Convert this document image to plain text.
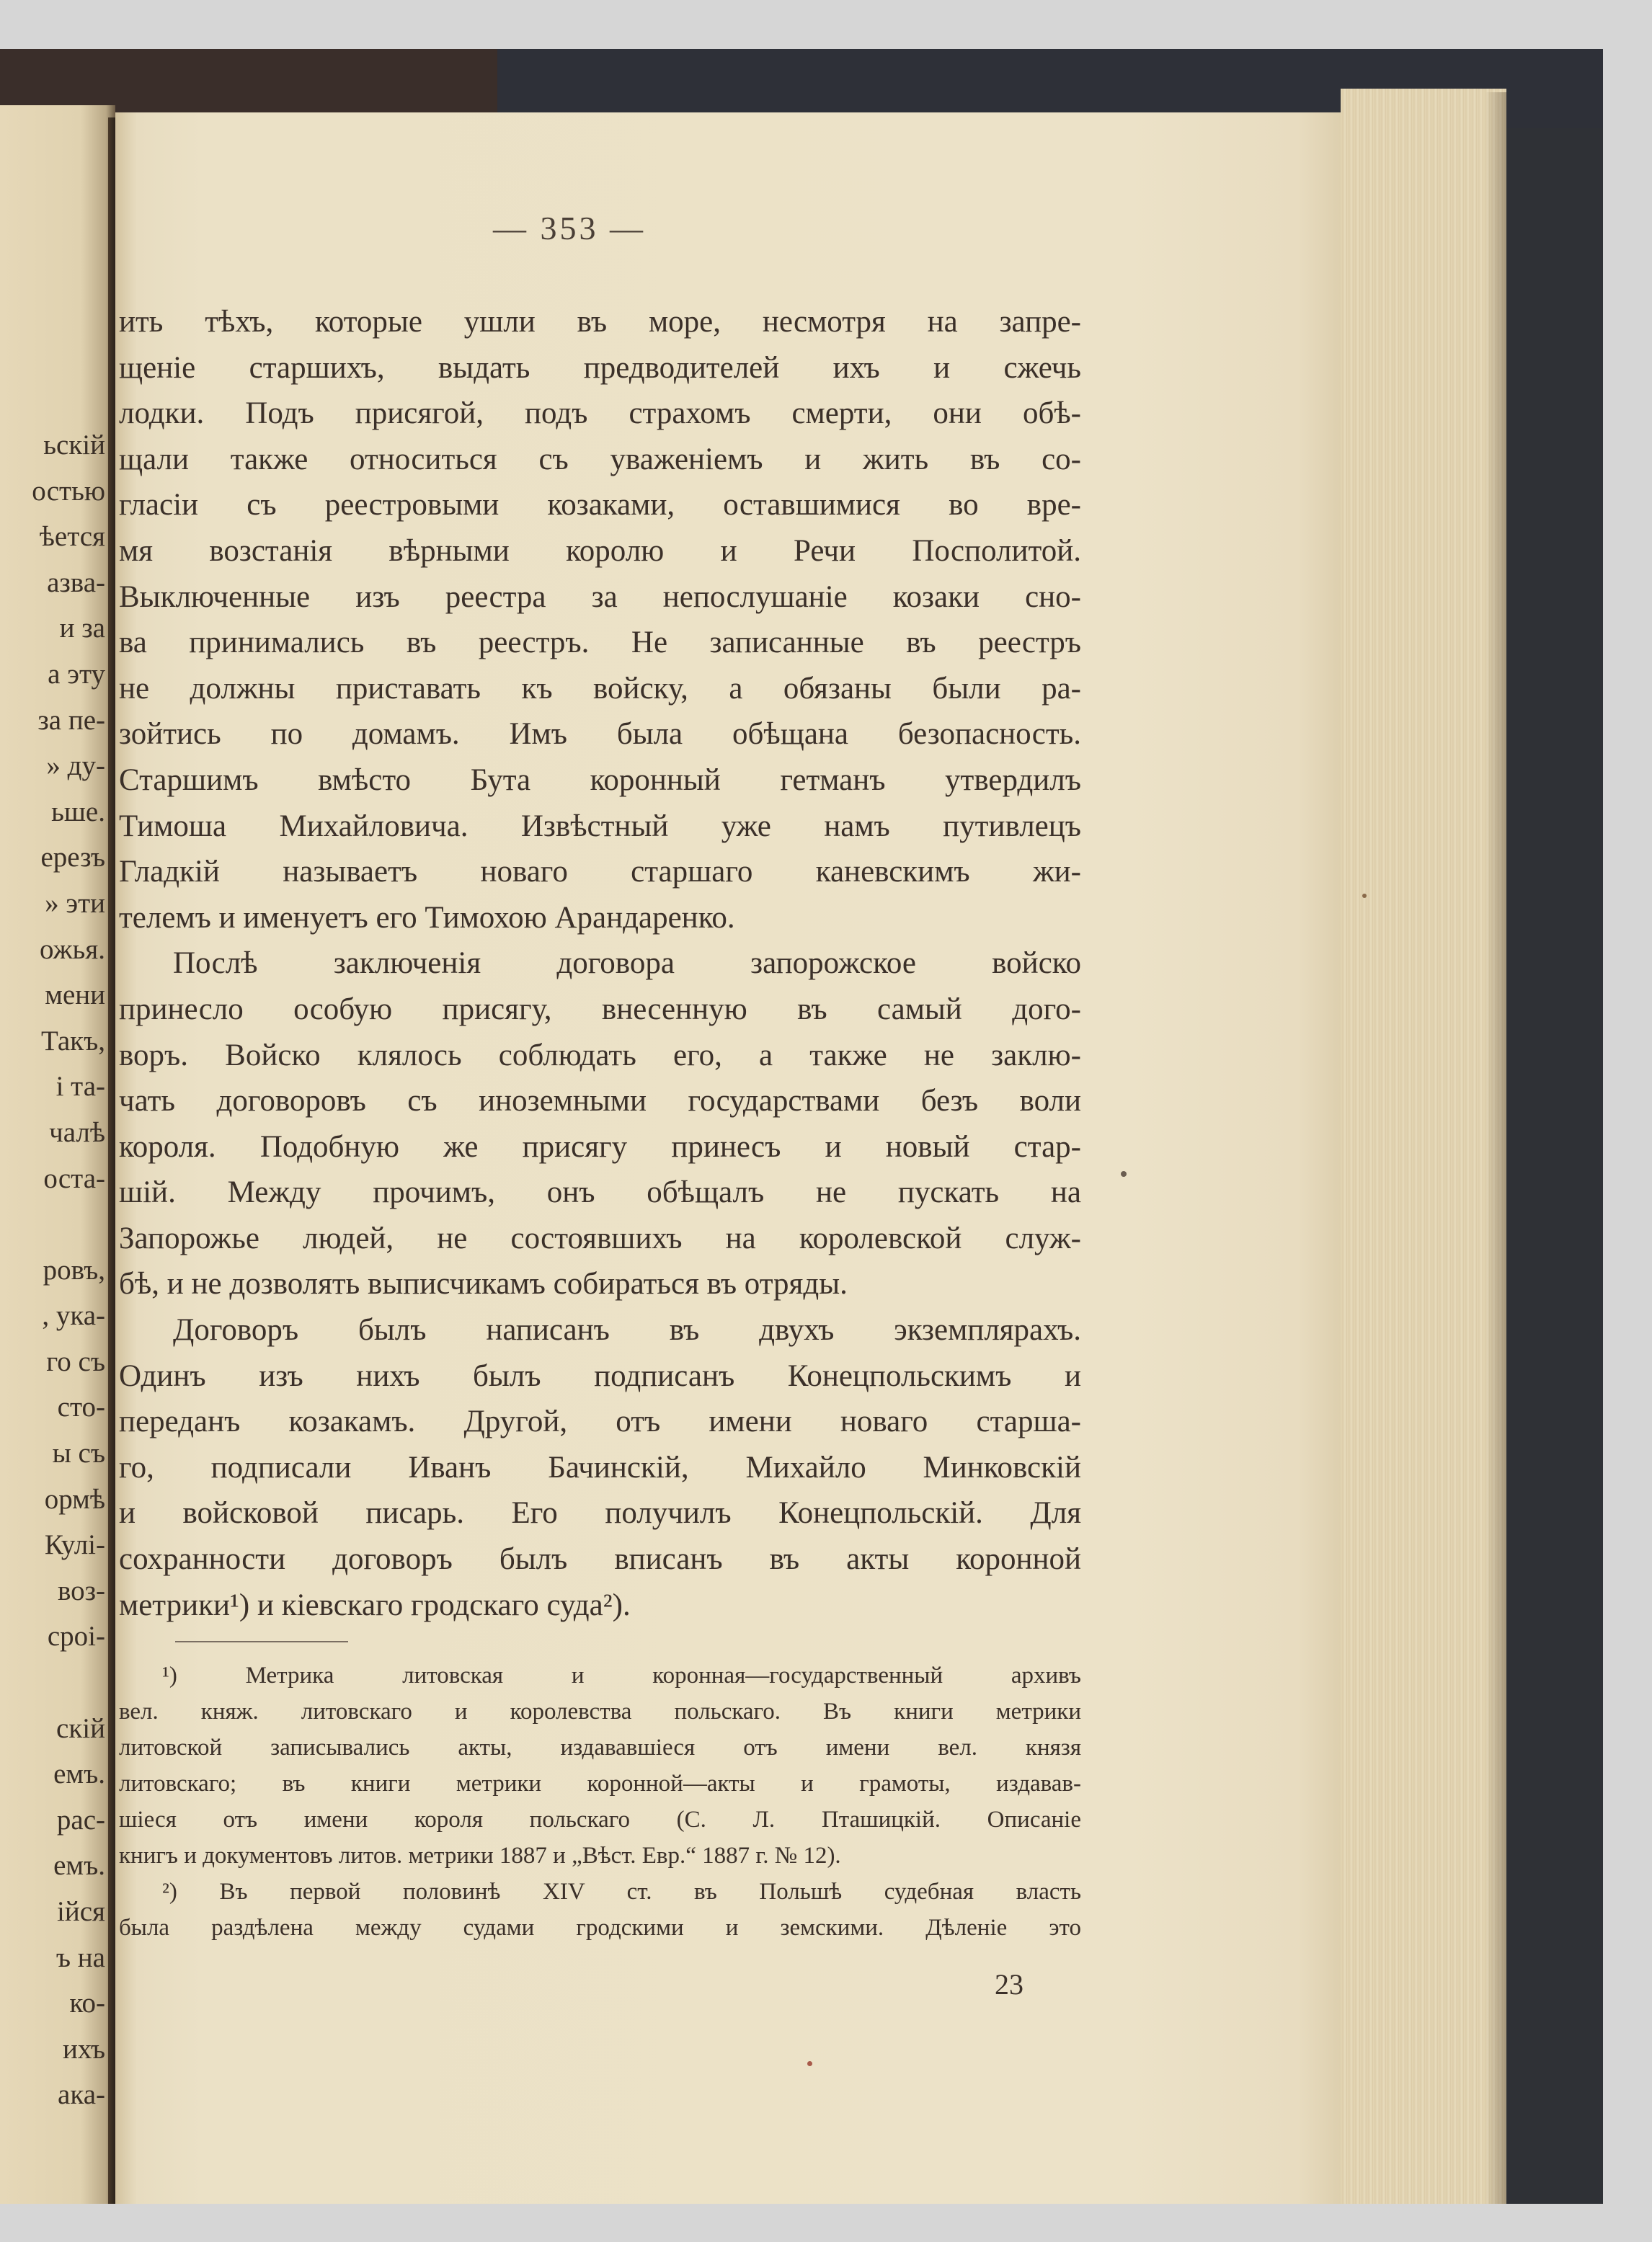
ьскій
остью
ѣется
азва-
и за
а эту
за пе-
» ду-
ьше.
ерезъ
» эти
ожья.
мени
Такъ,
і та-
чалѣ
оста-
ровъ,
, ука-
го съ
сто-
ы съ
ормѣ
Кулі-
воз-
сроі-
скій
емъ.
рас-
емъ.
ійся
ъ на
ко-
ихъ
ака-
— 353 —
ить тѣхъ, которые ушли въ море, несмотря на запре-
щеніе старшихъ, выдать предводителей ихъ и сжечь
лодки. Подъ присягой, подъ страхомъ смерти, они обѣ-
щали также относиться съ уваженіемъ и жить въ со-
гласіи съ реестровыми козаками, оставшимися во вре-
мя возстанія вѣрными королю и Речи Посполитой.
Выключенные изъ реестра за непослушаніе козаки сно-
ва принимались въ реестръ. Не записанные въ реестръ
не должны приставать къ войску, а обязаны были ра-
зойтись по домамъ. Имъ была обѣщана безопасность.
Старшимъ вмѣсто Бута коронный гетманъ утвердилъ
Тимоша Михайловича. Извѣстный уже намъ путивлецъ
Гладкій называетъ новаго старшаго каневскимъ жи-
телемъ и именуетъ его Тимохою Арандаренко.
Послѣ заключенія договора запорожское войско
принесло особую присягу, внесенную въ самый дого-
воръ. Войско клялось соблюдать его, а также не заклю-
чать договоровъ съ иноземными государствами безъ воли
короля. Подобную же присягу принесъ и новый стар-
шій. Между прочимъ, онъ обѣщалъ не пускать на
Запорожье людей, не состоявшихъ на королевской служ-
бѣ, и не дозволять выписчикамъ собираться въ отряды.
Договоръ былъ написанъ въ двухъ экземплярахъ.
Одинъ изъ нихъ былъ подписанъ Конецпольскимъ и
переданъ козакамъ. Другой, отъ имени новаго старша-
го, подписали Иванъ Бачинскій, Михайло Минковскій
и войсковой писарь. Его получилъ Конецпольскій. Для
сохранности договоръ былъ вписанъ въ акты коронной
метрики¹) и кіевскаго гродскаго суда²).
¹) Метрика литовская и коронная—государственный архивъ
вел. княж. литовскаго и королевства польскаго. Въ книги метрики
литовской записывались акты, издававшіеся отъ имени вел. князя
литовскаго; въ книги метрики коронной—акты и грамоты, издавав-
шіеся отъ имени короля польскаго (С. Л. Пташицкій. Описаніе
книгъ и документовъ литов. метрики 1887 и „Вѣст. Евр.“ 1887 г. № 12).
²) Въ первой половинѣ XIV ст. въ Польшѣ судебная власть
была раздѣлена между судами гродскими и земскими. Дѣленіе это
23
